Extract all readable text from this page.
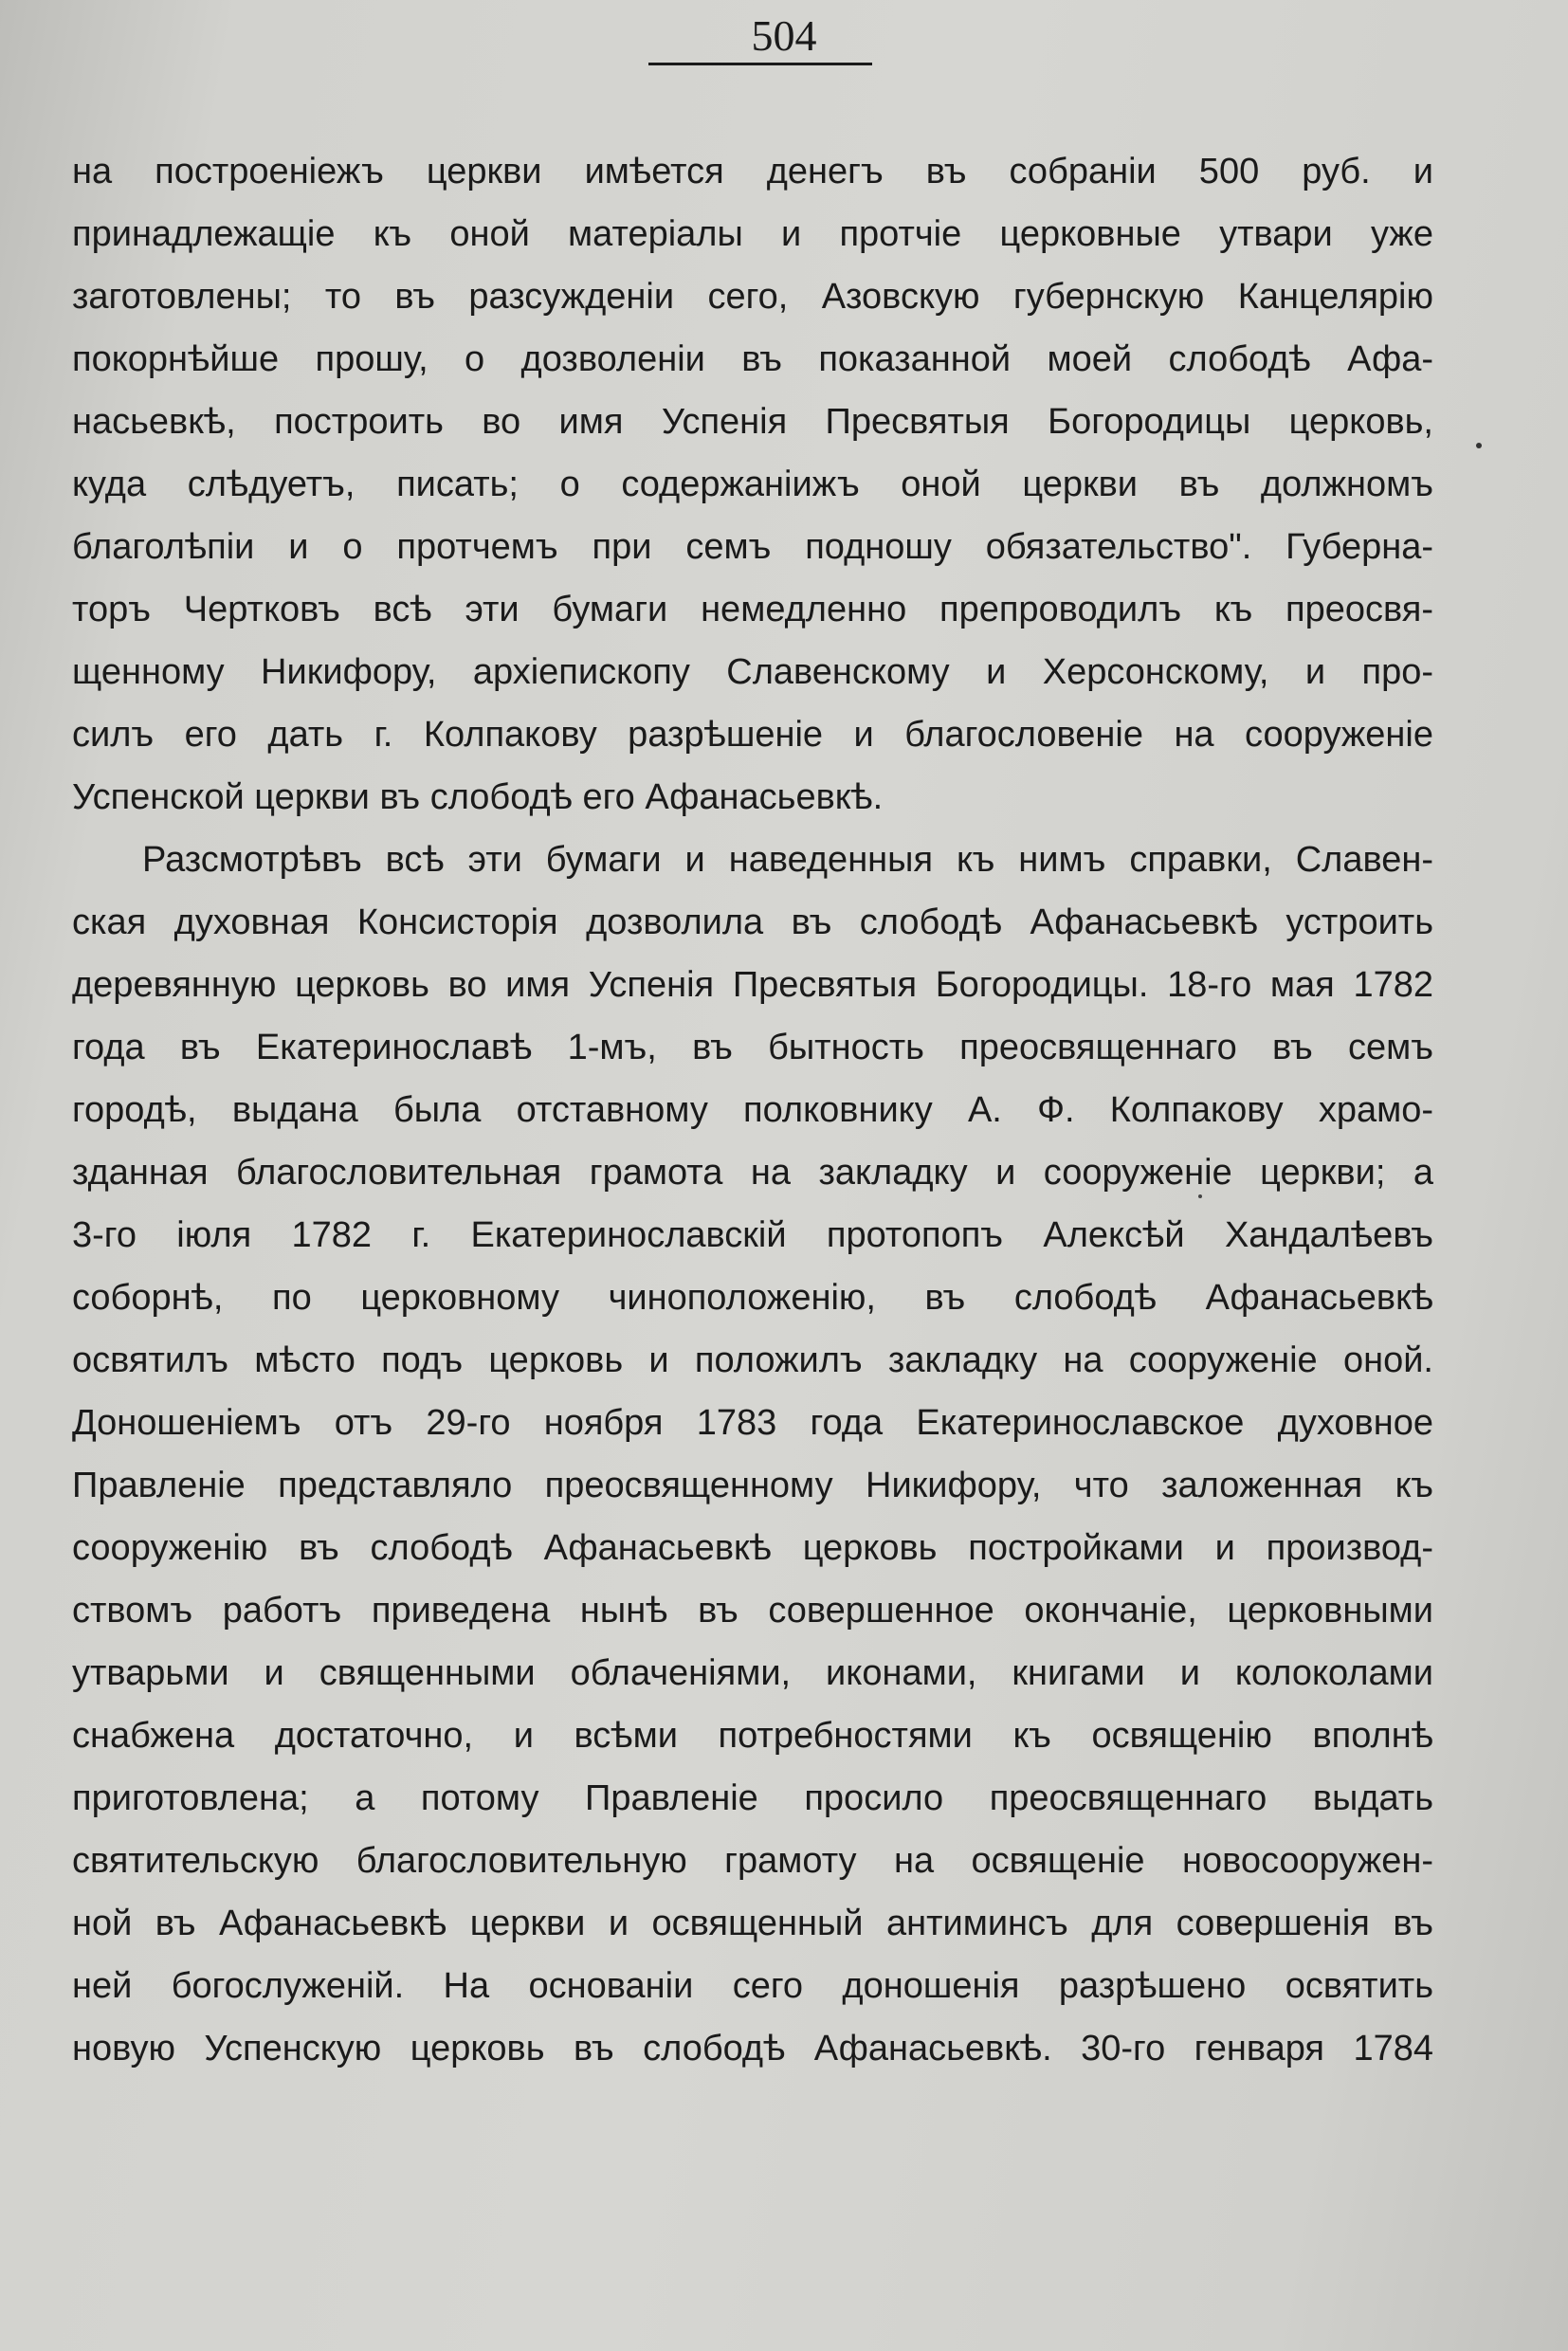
504
на построеніежъ церкви имѣется денегъ въ собраніи 500 руб. и
принадлежащіе къ оной матеріалы и протчіе церковные утвари уже
заготовлены; то въ разсужденіи сего, Азовскую губернскую Канцелярію
покорнѣйше прошу, о дозволеніи въ показанной моей слободѣ Афа-
насьевкѣ, построить во имя Успенія Пресвятыя Богородицы церковь,
куда слѣдуетъ, писать; о содержаніижъ оной церкви въ должномъ
благолѣпіи и о протчемъ при семъ подношу обязательство". Губерна-
торъ Чертковъ всѣ эти бумаги немедленно препроводилъ къ преосвя-
щенному Никифору, архіепископу Славенскому и Херсонскому, и про-
силъ его дать г. Колпакову разрѣшеніе и благословеніе на сооруженіе
Успенской церкви въ слободѣ его Афанасьевкѣ.
Разсмотрѣвъ всѣ эти бумаги и наведенныя къ нимъ справки, Славен-
ская духовная Консисторія дозволила въ слободѣ Афанасьевкѣ устроить
деревянную церковь во имя Успенія Пресвятыя Богородицы. 18-го мая 1782
года въ Екатеринославѣ 1-мъ, въ бытность преосвященнаго въ семъ
городѣ, выдана была отставному полковнику А. Ф. Колпакову храмо-
зданная благословительная грамота на закладку и сооруженіе церкви; а
3-го іюля 1782 г. Екатеринославскій протопопъ Алексѣй Хандалѣевъ
соборнѣ, по церковному чиноположенію, въ слободѣ Афанасьевкѣ
освятилъ мѣсто подъ церковь и положилъ закладку на сооруженіе оной.
Доношеніемъ отъ 29-го ноября 1783 года Екатеринославское духовное
Правленіе представляло преосвященному Никифору, что заложенная къ
сооруженію въ слободѣ Афанасьевкѣ церковь постройками и производ-
ствомъ работъ приведена нынѣ въ совершенное окончаніе, церковными
утварьми и священными облаченіями, иконами, книгами и колоколами
снабжена достаточно, и всѣми потребностями къ освященію вполнѣ
приготовлена; а потому Правленіе просило преосвященнаго выдать
святительскую благословительную грамоту на освященіе новосооружен-
ной въ Афанасьевкѣ церкви и освященный антиминсъ для совершенія въ
ней богослуженій. На основаніи сего доношенія разрѣшено освятить
новую Успенскую церковь въ слободѣ Афанасьевкѣ. 30-го генваря 1784
